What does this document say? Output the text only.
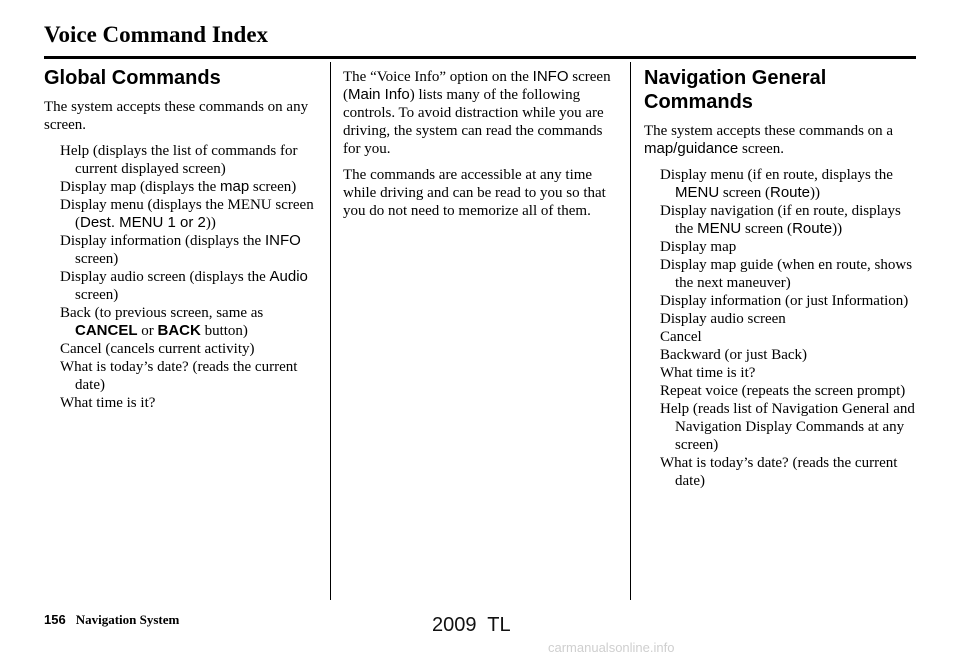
Voice Command Index
Global Commands

The system accepts these commands on any screen.

Help (displays the list of commands for current displayed screen)
Display map (displays the map screen)
Display menu (displays the MENU screen (Dest. MENU 1 or 2))
Display information (displays the INFO screen)
Display audio screen (displays the Audio screen)
Back (to previous screen, same as CANCEL or BACK button)
Cancel (cancels current activity)
What is today’s date? (reads the current date)
What time is it?

The “Voice Info” option on the INFO screen (Main Info) lists many of the following controls. To avoid distraction while you are driving, the system can read the commands for you.

The commands are accessible at any time while driving and can be read to you so that you do not need to memorize all of them.

Navigation General Commands

The system accepts these commands on a map/guidance screen.

Display menu (if en route, displays the MENU screen (Route))
Display navigation (if en route, displays the MENU screen (Route))
Display map
Display map guide (when en route, shows the next maneuver)
Display information (or just Information)
Display audio screen
Cancel
Backward (or just Back)
What time is it?
Repeat voice (repeats the screen prompt)
Help (reads list of Navigation General and Navigation Display Commands at any screen)
What is today’s date? (reads the current date)
156 Navigation System	2009  TL
carmanualsonline.info
